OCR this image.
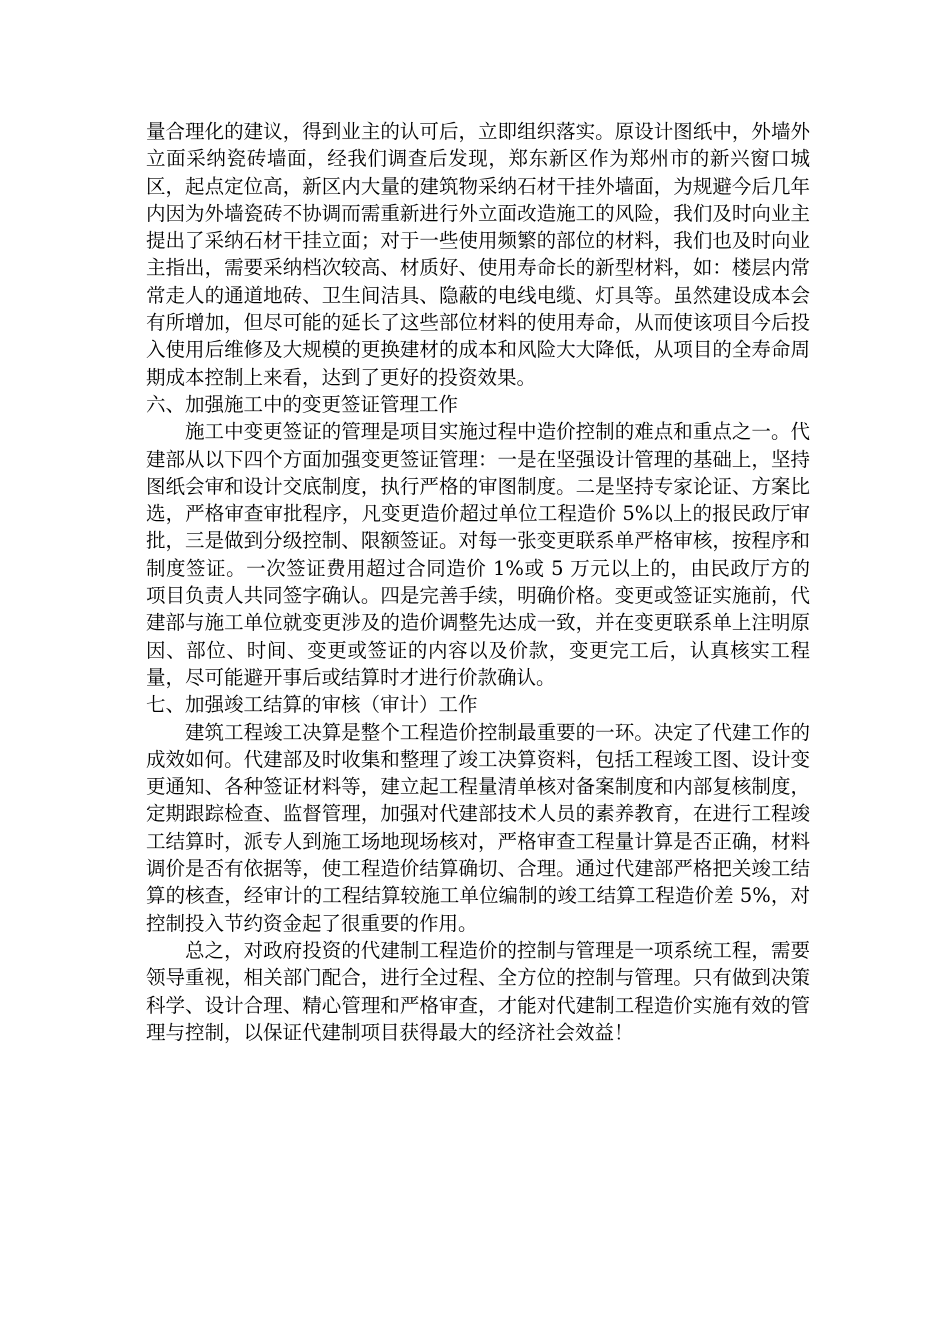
量合理化的建议，得到业主的认可后，立即组织落实。原设计图纸中，外墙外立面采纳瓷砖墙面，经我们调查后发现，郑东新区作为郑州市的新兴窗口城区，起点定位高，新区内大量的建筑物采纳石材干挂外墙面，为规避今后几年内因为外墙瓷砖不协调而需重新进行外立面改造施工的风险，我们及时向业主提出了采纳石材干挂立面；对于一些使用频繁的部位的材料，我们也及时向业主指出，需要采纳档次较高、材质好、使用寿命长的新型材料，如：楼层内常常走人的通道地砖、卫生间洁具、隐蔽的电线电缆、灯具等。虽然建设成本会有所增加，但尽可能的延长了这些部位材料的使用寿命，从而使该项目今后投入使用后维修及大规模的更换建材的成本和风险大大降低，从项目的全寿命周期成本控制上来看，达到了更好的投资效果。

六、加强施工中的变更签证管理工作

施工中变更签证的管理是项目实施过程中造价控制的难点和重点之一。代建部从以下四个方面加强变更签证管理：一是在坚强设计管理的基础上，坚持图纸会审和设计交底制度，执行严格的审图制度。二是坚持专家论证、方案比选，严格审查审批程序，凡变更造价超过单位工程造价 5%以上的报民政厅审批，三是做到分级控制、限额签证。对每一张变更联系单严格审核，按程序和制度签证。一次签证费用超过合同造价 1%或 5 万元以上的，由民政厅方的项目负责人共同签字确认。四是完善手续，明确价格。变更或签证实施前，代建部与施工单位就变更涉及的造价调整先达成一致，并在变更联系单上注明原因、部位、时间、变更或签证的内容以及价款，变更完工后，认真核实工程量，尽可能避开事后或结算时才进行价款确认。

七、加强竣工结算的审核（审计）工作

建筑工程竣工决算是整个工程造价控制最重要的一环。决定了代建工作的成效如何。代建部及时收集和整理了竣工决算资料，包括工程竣工图、设计变更通知、各种签证材料等，建立起工程量清单核对备案制度和内部复核制度，定期跟踪检查、监督管理，加强对代建部技术人员的素养教育，在进行工程竣工结算时，派专人到施工场地现场核对，严格审查工程量计算是否正确，材料调价是否有依据等，使工程造价结算确切、合理。通过代建部严格把关竣工结算的核查，经审计的工程结算较施工单位编制的竣工结算工程造价差 5%，对控制投入节约资金起了很重要的作用。

总之，对政府投资的代建制工程造价的控制与管理是一项系统工程，需要领导重视，相关部门配合，进行全过程、全方位的控制与管理。只有做到决策科学、设计合理、精心管理和严格审查，才能对代建制工程造价实施有效的管理与控制，以保证代建制项目获得最大的经济社会效益！
